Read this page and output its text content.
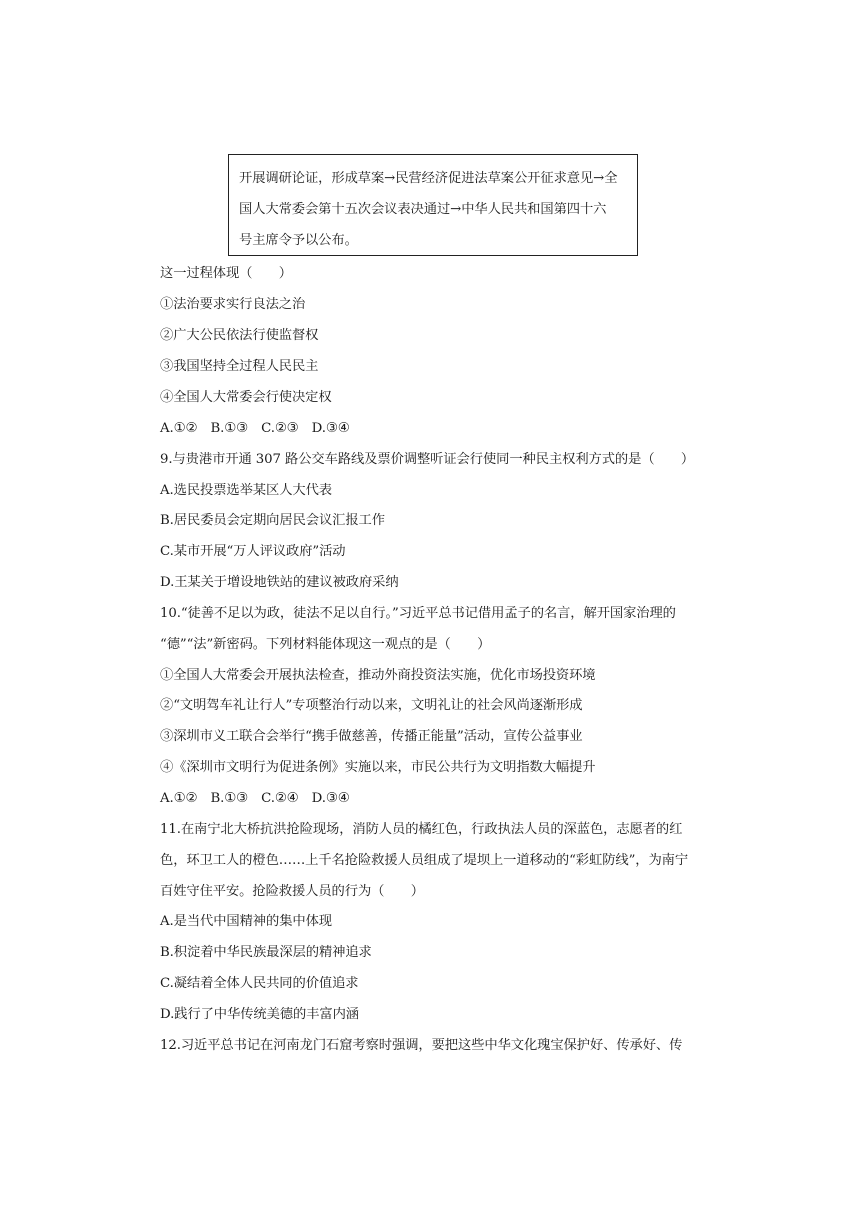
开展调研论证，形成草案→民营经济促进法草案公开征求意见→全
国人大常委会第十五次会议表决通过→中华人民共和国第四十六
号主席令予以公布。
这一过程体现（　　）
①法治要求实行良法之治
②广大公民依法行使监督权
③我国坚持全过程人民民主
④全国人大常委会行使决定权
A.①②　B.①③　C.②③　D.③④
9.与贵港市开通 307 路公交车路线及票价调整听证会行使同一种民主权利方式的是（　　）
A.选民投票选举某区人大代表
B.居民委员会定期向居民会议汇报工作
C.某市开展“万人评议政府”活动
D.王某关于增设地铁站的建议被政府采纳
10.“徒善不足以为政，徒法不足以自行。”习近平总书记借用孟子的名言，解开国家治理的
“德”“法”新密码。下列材料能体现这一观点的是（　　）
①全国人大常委会开展执法检查，推动外商投资法实施，优化市场投资环境
②“文明驾车礼让行人”专项整治行动以来，文明礼让的社会风尚逐渐形成
③深圳市义工联合会举行“携手做慈善，传播正能量”活动，宣传公益事业
④《深圳市文明行为促进条例》实施以来，市民公共行为文明指数大幅提升
A.①②　B.①③　C.②④　D.③④
11.在南宁北大桥抗洪抢险现场，消防人员的橘红色，行政执法人员的深蓝色，志愿者的红
色，环卫工人的橙色……上千名抢险救援人员组成了堤坝上一道移动的“彩虹防线”，为南宁
百姓守住平安。抢险救援人员的行为（　　）
A.是当代中国精神的集中体现
B.积淀着中华民族最深层的精神追求
C.凝结着全体人民共同的价值追求
D.践行了中华传统美德的丰富内涵
12.习近平总书记在河南龙门石窟考察时强调，要把这些中华文化瑰宝保护好、传承好、传
